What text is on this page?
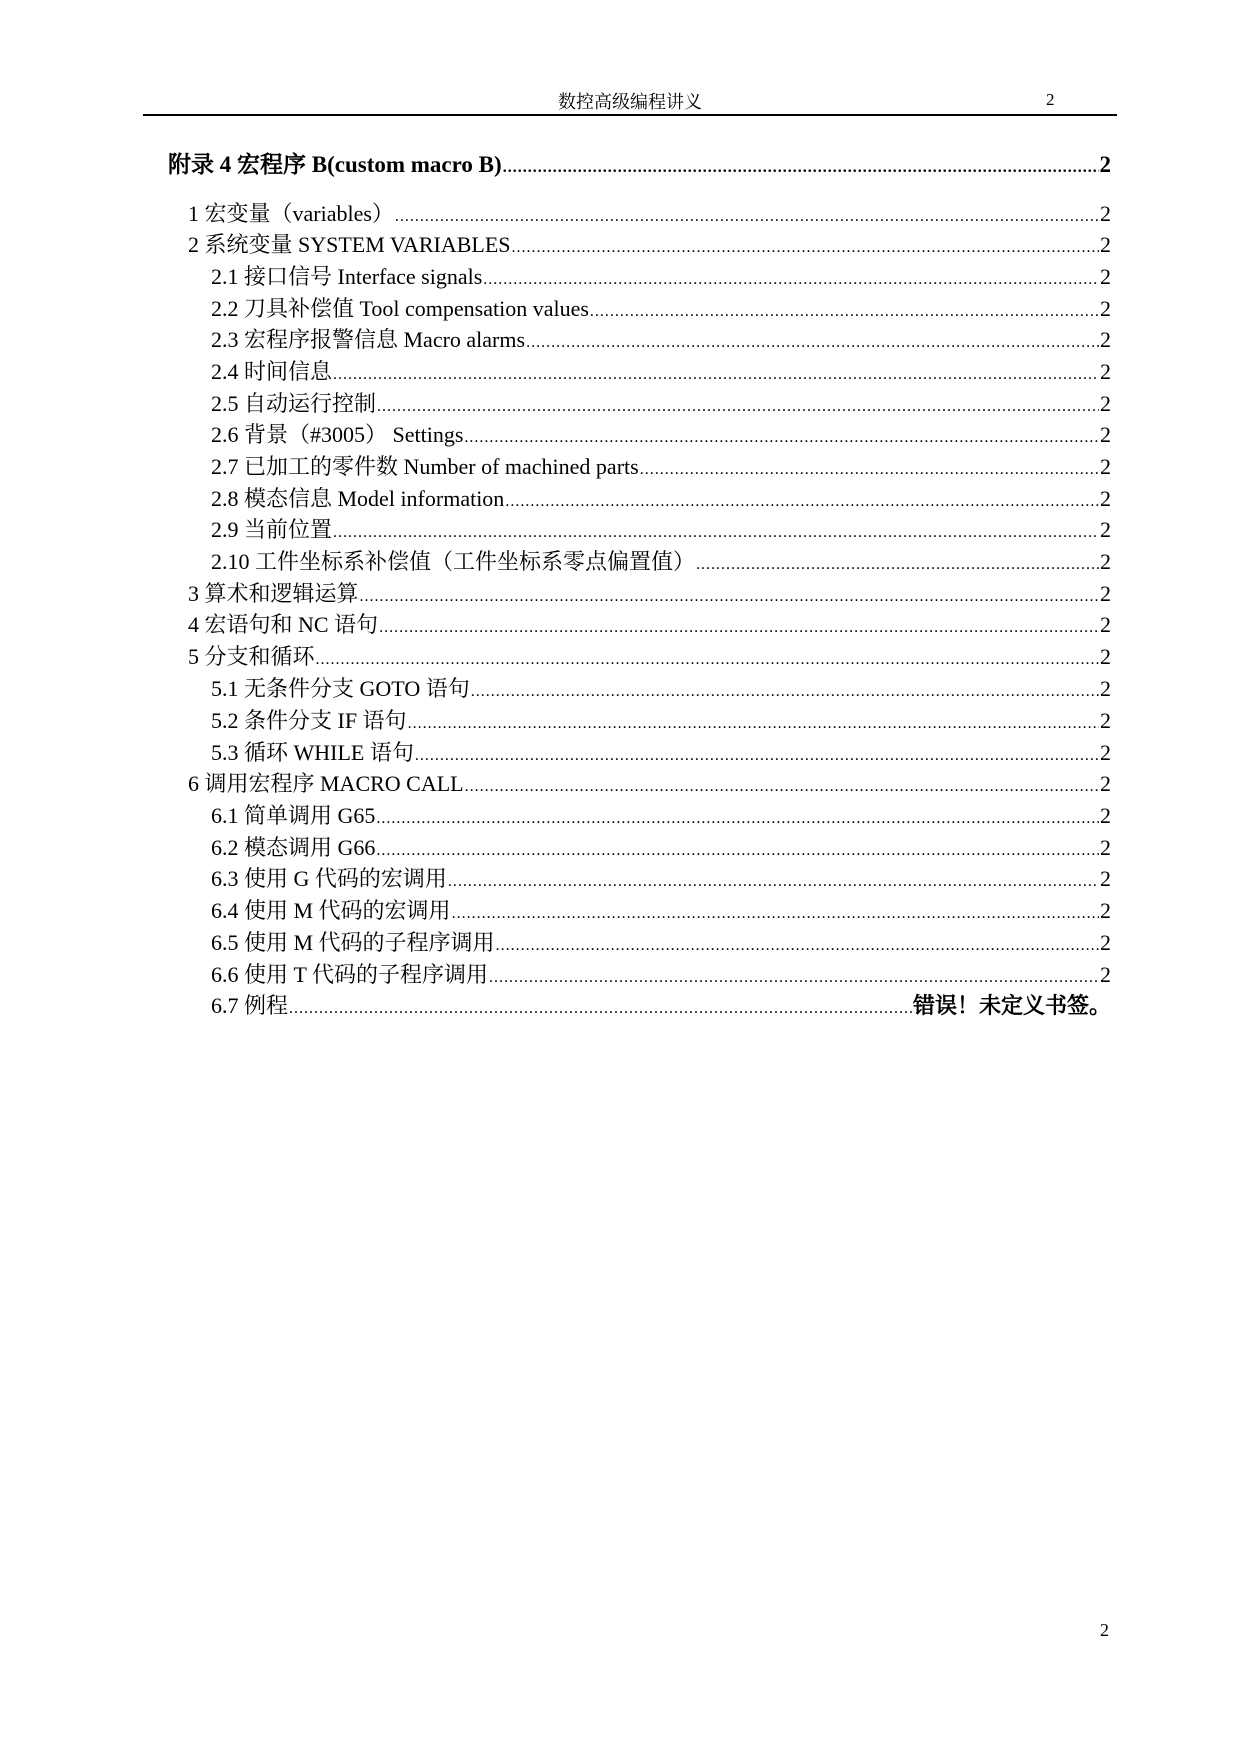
数控高级编程讲义	2
附录 4 宏程序 B(custom macro B) .....	2
1 宏变量（variables） .....	2
2 系统变量 SYSTEM VARIABLES .....	2
2.1 接口信号 Interface signals .....	2
2.2 刀具补偿值 Tool compensation values .....	2
2.3 宏程序报警信息 Macro alarms .....	2
2.4 时间信息 .....	2
2.5 自动运行控制 .....	2
2.6 背景（#3005） Settings .....	2
2.7 已加工的零件数 Number of machined parts .....	2
2.8 模态信息 Model information .....	2
2.9 当前位置 .....	2
2.10 工件坐标系补偿值（工件坐标系零点偏置值） .....	2
3 算术和逻辑运算 .....	2
4 宏语句和 NC 语句 .....	2
5 分支和循环 .....	2
5.1 无条件分支 GOTO 语句 .....	2
5.2 条件分支 IF 语句 .....	2
5.3 循环 WHILE 语句 .....	2
6 调用宏程序 MACRO CALL .....	2
6.1 简单调用 G65 .....	2
6.2 模态调用 G66 .....	2
6.3 使用 G 代码的宏调用 .....	2
6.4 使用 M 代码的宏调用 .....	2
6.5 使用 M 代码的子程序调用 .....	2
6.6 使用 T 代码的子程序调用 .....	2
6.7 例程 .....	错误！未定义书签。
2
